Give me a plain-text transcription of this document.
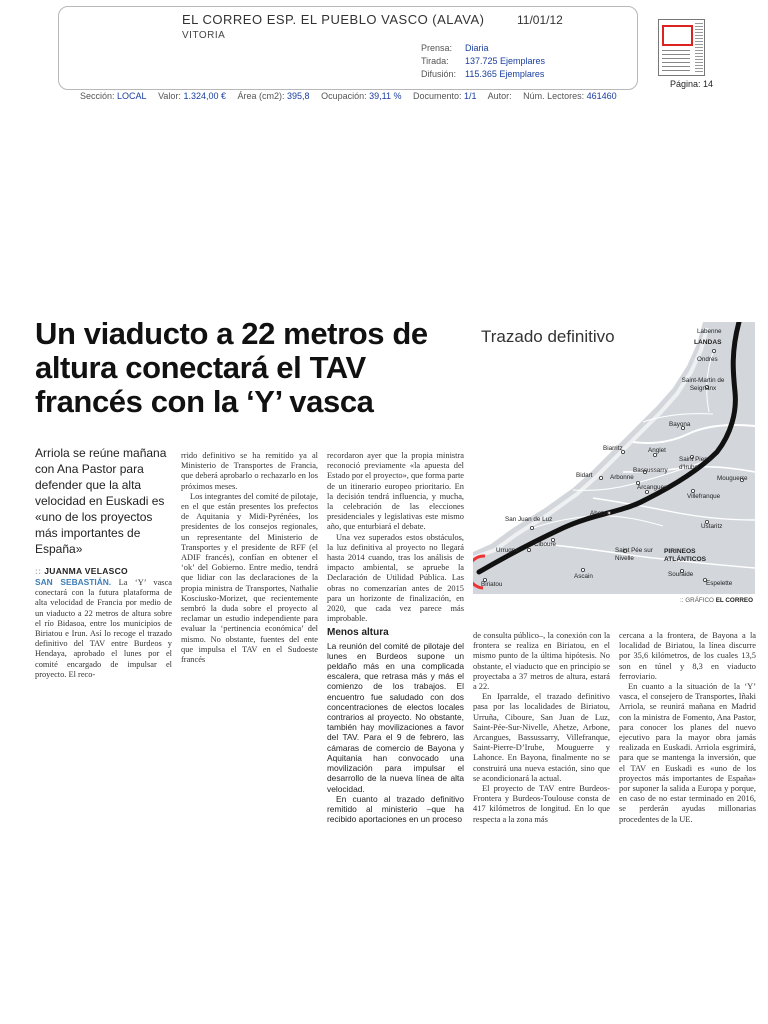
EL CORREO ESP. EL PUEBLO VASCO (ALAVA)	11/01/12
VITORIA
Prensa: Diaria
Tirada: 137.725 Ejemplares
Difusión: 115.365 Ejemplares
Página: 14
Sección: LOCAL Valor: 1.324,00 € Área (cm2): 395,8 Ocupación: 39,11 % Documento: 1/1 Autor: Núm. Lectores: 461460
Un viaducto a 22 metros de altura conectará el TAV francés con la ‘Y’ vasca
Arriola se reúne mañana con Ana Pastor para defender que la alta velocidad en Euskadi es «uno de los proyectos más importantes de España»
:: JUANMA VELASCO

SAN SEBASTIÁN. La ‘Y’ vasca conectará con la futura plataforma de alta velocidad de Francia por medio de un viaducto a 22 metros de altura sobre el río Bidasoa, entre los municipios de Biriatou e Irun. Así lo recoge el trazado definitivo del TAV entre Burdeos y Hendaya, aprobado el lunes por el comité encargado de impulsar el proyecto. El reco-

rrido definitivo se ha remitido ya al Ministerio de Transportes de Francia, que deberá aprobarlo o rechazarlo en los próximos meses.

Los integrantes del comité de pilotaje, en el que están presentes los prefectos de Aquitania y Midi-Pyrénées, los presidentes de los consejos regionales, un representante del Ministerio de Transportes y el presidente de RFF (el ADIF francés), confían en obtener el ‘ok’ del Gobierno. Entre medio, tendrá que lidiar con las declaraciones de la propia ministra de Transportes, Nathalie Kosciusko-Morizet, que recientemente sembró la duda sobre el proyecto al reclamar un estudio independiente para evaluar la ‘pertinencia económica’ del mismo. No obstante, fuentes del ente que impulsa el TAV en el Sudoeste francés

recordaron ayer que la propia ministra reconoció previamente «la apuesta del Estado por el proyecto», que forma parte de un itinerario europeo prioritario. En la decisión tendrá influencia, y mucha, la celebración de las elecciones presidenciales y legislativas este mismo año, que enturbiará el debate.

Una vez superados estos obstáculos, la luz definitiva al proyecto no llegará hasta 2014 cuando, tras los análisis de impacto ambiental, se apruebe la Declaración de Utilidad Pública. Las obras no comenzarían antes de 2015 para un horizonte de finalización, en 2020, que cada vez parece más improbable.

Menos altura

La reunión del comité de pilotaje del lunes en Burdeos supone un peldaño más en una complicada escalera, que retrasa más y más el comienzo de los trabajos. El encuentro fue saludado con dos concentraciones de electos locales contrarios al proyecto. No obstante, también hay movilizaciones a favor del TAV. Para el 9 de febrero, las cámaras de comercio de Bayona y Aquitania han convocado una movilización para impulsar el desarrollo de la nueva línea de alta velocidad.

En cuanto al trazado definitivo remitido al ministerio –que ha recibido aportaciones en un proceso

de consulta público–, la conexión con la frontera se realiza en Biriatou, en el mismo punto de la última hipótesis. No obstante, el viaducto que en principio se proyectaba a 37 metros de altura, estará a 22.

En Iparralde, el trazado definitivo pasa por las localidades de Biriatou, Urruña, Ciboure, San Juan de Luz, Saint-Pée-Sur-Nivelle, Ahetze, Arbone, Arcangues, Bassussarry, Villefranque, Saint-Pierre-D’Irube, Mouguerre y Lahonce. En Bayona, finalmente no se construirá una nueva estación, sino que se acondicionará la actual.

El proyecto de TAV entre Burdeos-Frontera y Burdeos-Toulouse consta de 417 kilómetros de longitud. En lo que respecta a la zona más

cercana a la frontera, de Bayona a la localidad de Biriatou, la línea discurre por 35,6 kilómetros, de los cuales 13,5 son en túnel y 8,3 en viaducto ferroviario.

En cuanto a la situación de la ‘Y’ vasca, el consejero de Transportes, Iñaki Arriola, se reunirá mañana en Madrid con la ministra de Fomento, Ana Pastor, para conocer los planes del nuevo ejecutivo para la mayor obra jamás realizada en Euskadi. Arriola esgrimirá, para que se mantenga la inversión, que el TAV en Euskadi es «uno de los proyectos más importantes de España» por suponer la salida a Europa y porque, en caso de no estar terminado en 2016, se perderán ayudas millonarias procedentes de la UE.

Trazado definitivo	Labenne
LANDAS
Ondres
Saint-Martin de Seignanx
Bayona
Biarritz	Anglet
Saint Pierre d'Irube
Bassussarry
Bidart	Arbonne
Arcangues
Mouguerre
Villefranque
Ahetze
San Juan de Luz
Ustaritz
Ciboure
Urrugne	Saint Pée sur Nivelle
PIRINEOS ATLÁNTICOS
Ascain	Souraide
Espelette
Biriatou
:: GRÁFICO EL CORREO
